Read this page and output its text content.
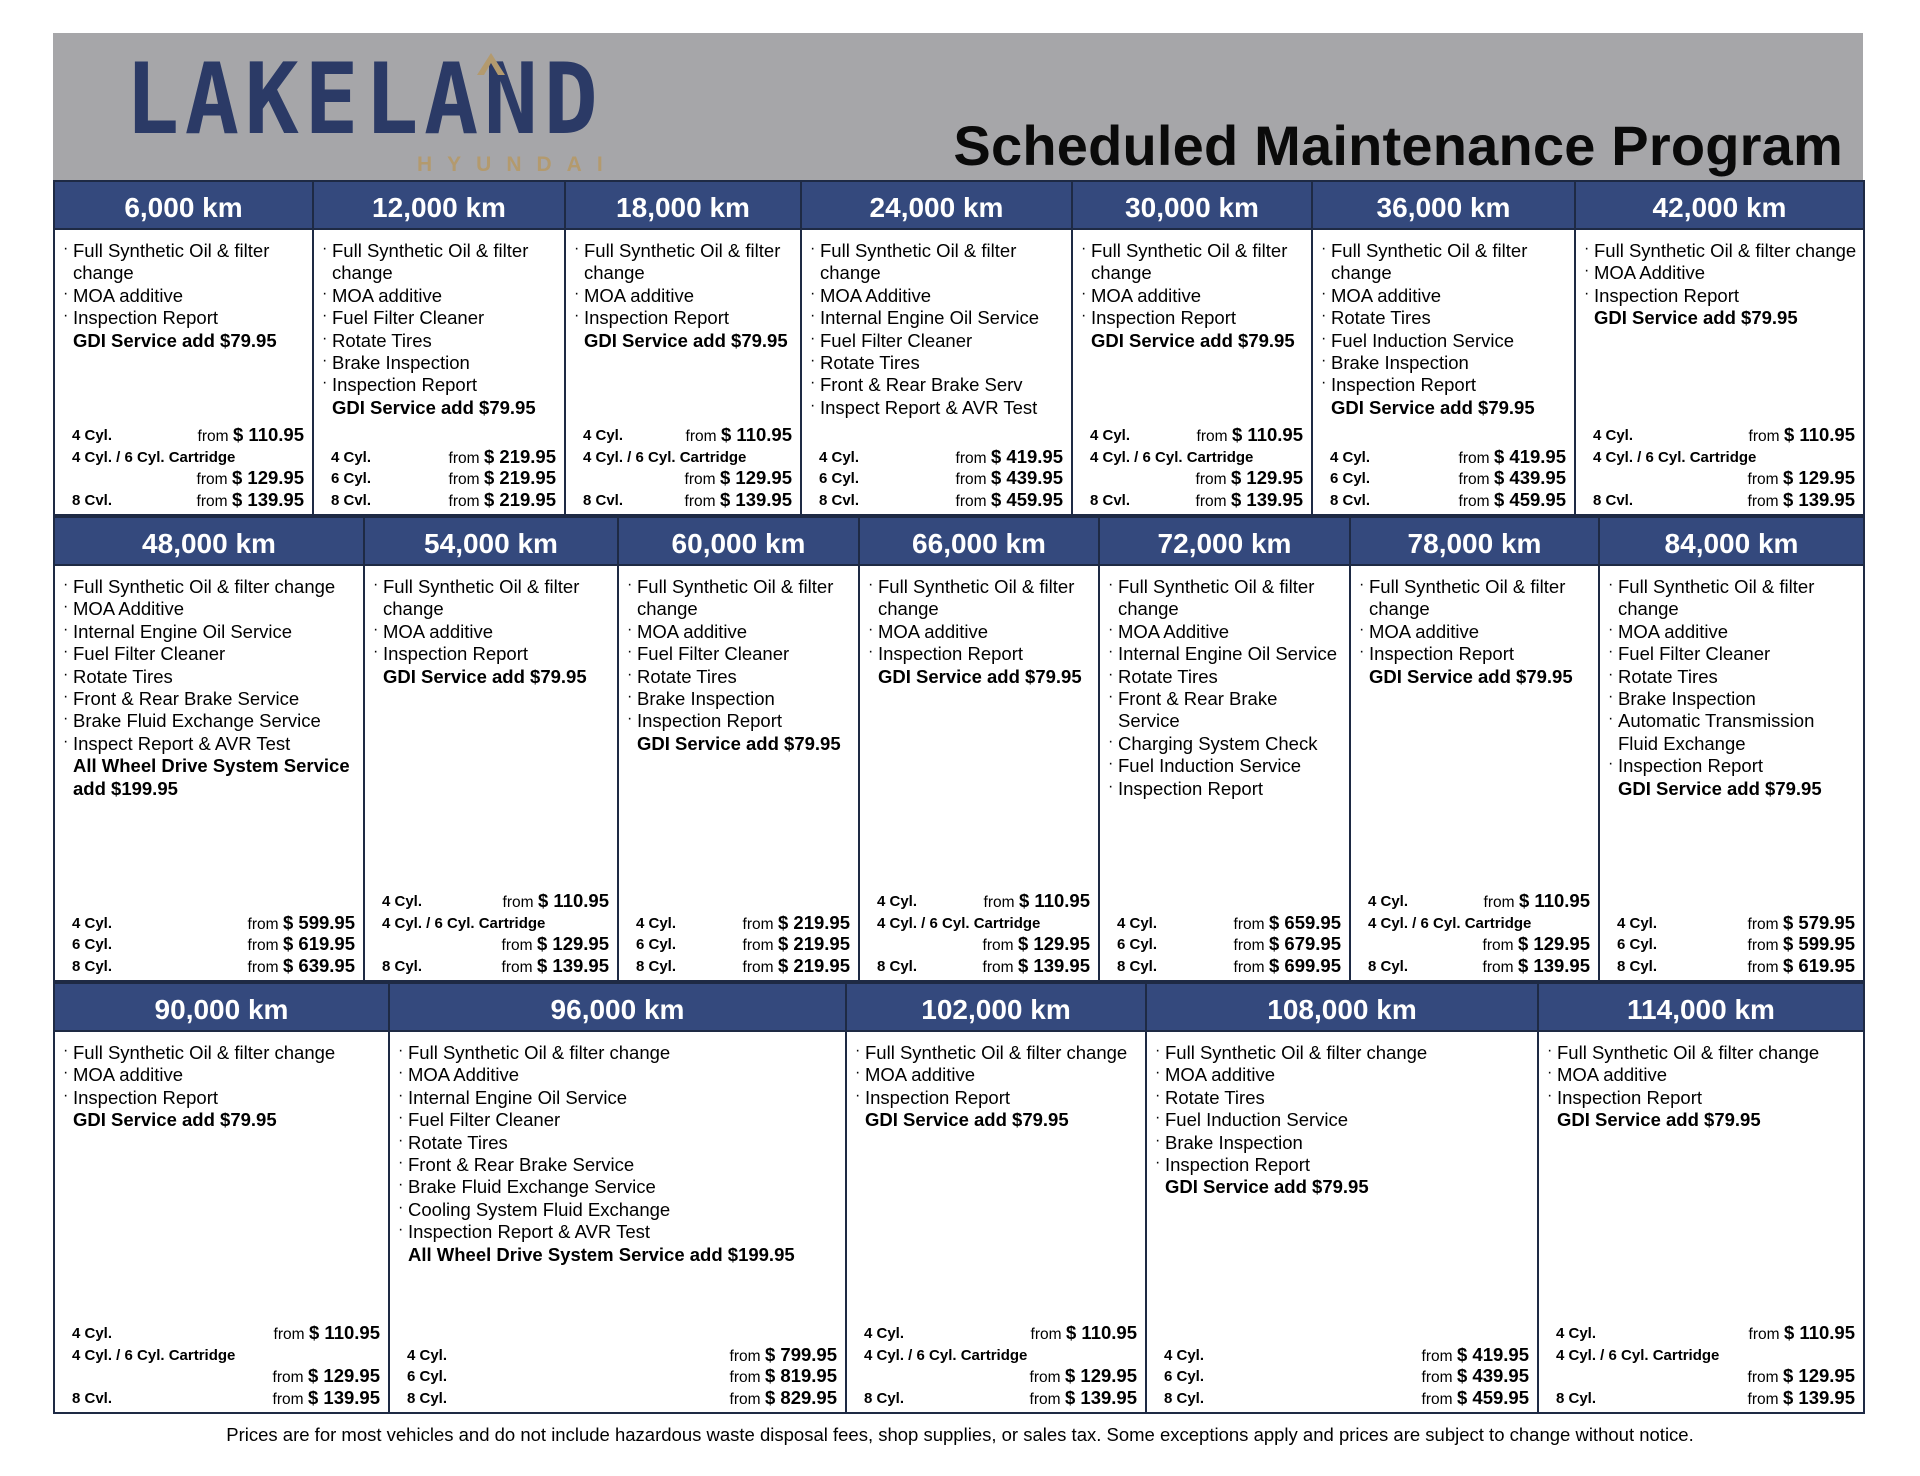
LAKELAND
HYUNDAI	Scheduled Maintenance Program
6,000 km
· Full Synthetic Oil & filter change
· MOA additive
· Inspection Report
GDI Service add $79.95
4 Cyl.	from $ 110.95
4 Cyl. / 6 Cyl. Cartridge
from $ 129.95
8 Cvl.	from $ 139.95
12,000 km
· Full Synthetic Oil & filter change
· MOA additive
· Fuel Filter Cleaner
· Rotate Tires
· Brake Inspection
· Inspection Report
GDI Service add $79.95
4 Cyl.	from $ 219.95
6 Cyl.	from $ 219.95
8 Cvl.	from $ 219.95
18,000 km
· Full Synthetic Oil & filter change
· MOA additive
· Inspection Report
GDI Service add $79.95
4 Cyl.	from $ 110.95
4 Cyl. / 6 Cyl. Cartridge
from $ 129.95
8 Cvl.	from $ 139.95
24,000 km
· Full Synthetic Oil & filter change
· MOA Additive
· Internal Engine Oil Service
· Fuel Filter Cleaner
· Rotate Tires
· Front & Rear Brake Serv
· Inspect Report & AVR Test
4 Cyl.	from $ 419.95
6 Cyl.	from $ 439.95
8 Cvl.	from $ 459.95
30,000 km
· Full Synthetic Oil & filter change
· MOA additive
· Inspection Report
GDI Service add $79.95
4 Cyl.	from $ 110.95
4 Cyl. / 6 Cyl. Cartridge
from $ 129.95
8 Cvl.	from $ 139.95
36,000 km
· Full Synthetic Oil & filter change
· MOA additive
· Rotate Tires
· Fuel Induction Service
· Brake Inspection
· Inspection Report
GDI Service add $79.95
4 Cyl.	from $ 419.95
6 Cyl.	from $ 439.95
8 Cvl.	from $ 459.95
42,000 km
· Full Synthetic Oil & filter change
· MOA Additive
· Inspection Report
GDI Service add $79.95
4 Cyl.	from $ 110.95
4 Cyl. / 6 Cyl. Cartridge
from $ 129.95
8 Cvl.	from $ 139.95
48,000 km
· Full Synthetic Oil & filter change
· MOA Additive
· Internal Engine Oil Service
· Fuel Filter Cleaner
· Rotate Tires
· Front & Rear Brake Service
· Brake Fluid Exchange Service
· Inspect Report & AVR Test
All Wheel Drive System Service add $199.95
4 Cyl.	from $ 599.95
6 Cyl.	from $ 619.95
8 Cyl.	from $ 639.95
54,000 km
· Full Synthetic Oil & filter change
· MOA additive
· Inspection Report
GDI Service add $79.95
4 Cyl.	from $ 110.95
4 Cyl. / 6 Cyl. Cartridge
from $ 129.95
8 Cyl.	from $ 139.95
60,000 km
· Full Synthetic Oil & filter change
· MOA additive
· Fuel Filter Cleaner
· Rotate Tires
· Brake Inspection
· Inspection Report
GDI Service add $79.95
4 Cyl.	from $ 219.95
6 Cyl.	from $ 219.95
8 Cyl.	from $ 219.95
66,000 km
· Full Synthetic Oil & filter change
· MOA additive
· Inspection Report
GDI Service add $79.95
4 Cyl.	from $ 110.95
4 Cyl. / 6 Cyl. Cartridge
from $ 129.95
8 Cyl.	from $ 139.95
72,000 km
· Full Synthetic Oil & filter change
· MOA Additive
· Internal Engine Oil Service
· Rotate Tires
· Front & Rear Brake Service
· Charging System Check
· Fuel Induction Service
· Inspection Report
4 Cyl.	from $ 659.95
6 Cyl.	from $ 679.95
8 Cyl.	from $ 699.95
78,000 km
· Full Synthetic Oil & filter change
· MOA additive
· Inspection Report
GDI Service add $79.95
4 Cyl.	from $ 110.95
4 Cyl. / 6 Cyl. Cartridge
from $ 129.95
8 Cyl.	from $ 139.95
84,000 km
· Full Synthetic Oil & filter change
· MOA additive
· Fuel Filter Cleaner
· Rotate Tires
· Brake Inspection
· Automatic Transmission Fluid Exchange
· Inspection Report
GDI Service add $79.95
4 Cyl.	from $ 579.95
6 Cyl.	from $ 599.95
8 Cyl.	from $ 619.95
90,000 km
· Full Synthetic Oil & filter change
· MOA additive
· Inspection Report
GDI Service add $79.95
4 Cyl.	from $ 110.95
4 Cyl. / 6 Cyl. Cartridge
from $ 129.95
8 Cvl.	from $ 139.95
96,000 km
· Full Synthetic Oil & filter change
· MOA Additive
· Internal Engine Oil Service
· Fuel Filter Cleaner
· Rotate Tires
· Front & Rear Brake Service
· Brake Fluid Exchange Service
· Cooling System Fluid Exchange
· Inspection Report & AVR Test
All Wheel Drive System Service add $199.95
4 Cyl.	from $ 799.95
6 Cyl.	from $ 819.95
8 Cyl.	from $ 829.95
102,000 km
· Full Synthetic Oil & filter change
· MOA additive
· Inspection Report
GDI Service add $79.95
4 Cyl.	from $ 110.95
4 Cyl. / 6 Cyl. Cartridge
from $ 129.95
8 Cyl.	from $ 139.95
108,000 km
· Full Synthetic Oil & filter change
· MOA additive
· Rotate Tires
· Fuel Induction Service
· Brake Inspection
· Inspection Report
GDI Service add $79.95
4 Cyl.	from $ 419.95
6 Cyl.	from $ 439.95
8 Cyl.	from $ 459.95
114,000 km
· Full Synthetic Oil & filter change
· MOA additive
· Inspection Report
GDI Service add $79.95
4 Cyl.	from $ 110.95
4 Cyl. / 6 Cyl. Cartridge
from $ 129.95
8 Cyl.	from $ 139.95
Prices are for most vehicles and do not include hazardous waste disposal fees, shop supplies, or sales tax. Some exceptions apply and prices are subject to change without notice.
